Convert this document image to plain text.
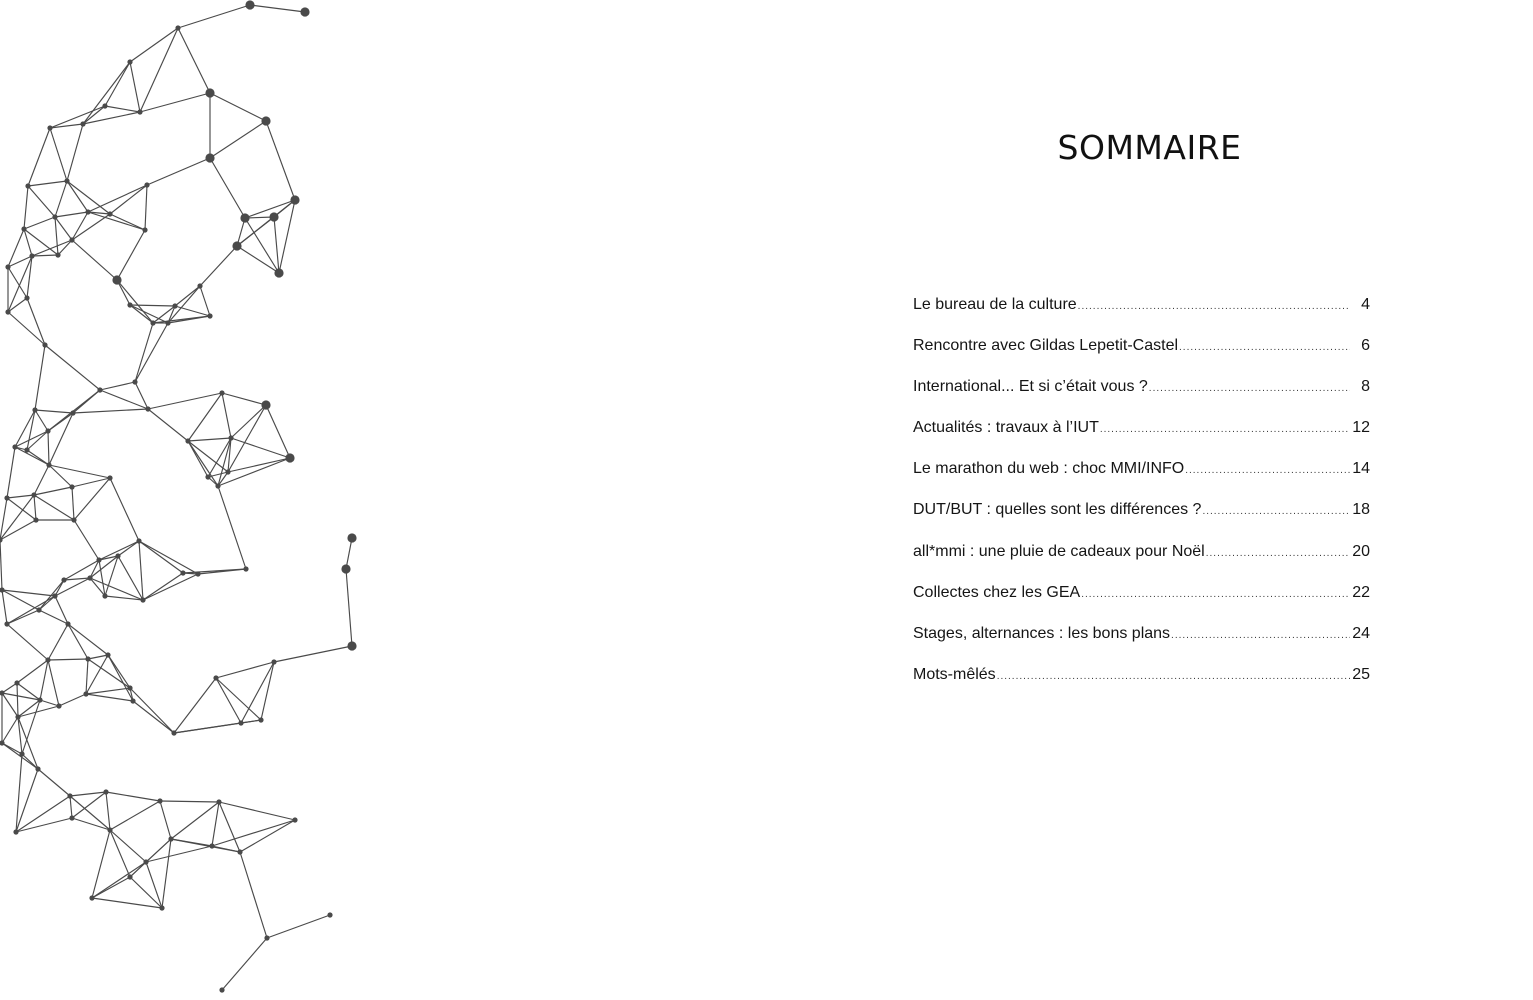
SOMMAIRE
Le bureau de la culture .....	4
Rencontre avec Gildas Lepetit-Castel .....	6
International... Et si c’était vous ? .....	8
Actualités : travaux à l’IUT .....	12
Le marathon du web : choc MMI/INFO .....	14
DUT/BUT : quelles sont les différences ? .....	18
all*mmi : une pluie de cadeaux pour Noël .....	20
Collectes chez les GEA .....	22
Stages, alternances : les bons plans .....	24
Mots-mêlés .....	25
